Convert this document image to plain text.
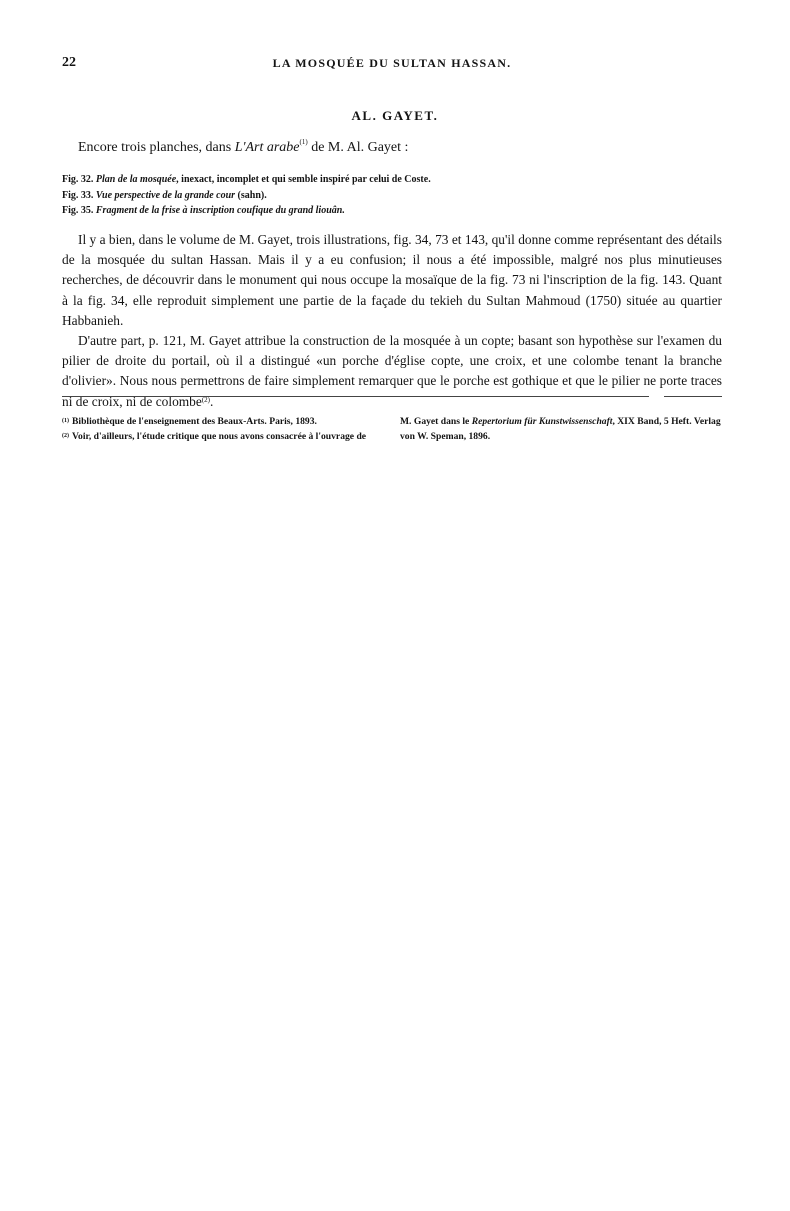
22	LA MOSQUÉE DU SULTAN HASSAN.
AL. GAYET.
Encore trois planches, dans L'Art arabe$^{(1)}$ de M. Al. Gayet :
Fig. 32. Plan de la mosquée, inexact, incomplet et qui semble inspiré par celui de Coste.
Fig. 33. Vue perspective de la grande cour (sahn).
Fig. 35. Fragment de la frise à inscription coufique du grand liouân.

Il y a bien, dans le volume de M. Gayet, trois illustrations, fig. 34, 73 et 143, qu'il donne comme représentant des détails de la mosquée du sultan Hassan. Mais il y a eu confusion; il nous a été impossible, malgré nos plus minutieuses recherches, de découvrir dans le monument qui nous occupe la mosaïque de la fig. 73 ni l'inscription de la fig. 143. Quant à la fig. 34, elle reproduit simplement une partie de la façade du tekieh du Sultan Mahmoud (1750) située au quartier Habbanieh.

D'autre part, p. 121, M. Gayet attribue la construction de la mosquée à un copte; basant son hypothèse sur l'examen du pilier de droite du portail, où il a distingué «un porche d'église copte, une croix, et une colombe tenant la branche d'olivier». Nous nous permettrons de faire simplement remarquer que le porche est gothique et que le pilier ne porte traces ni de croix, ni de colombe$^{(2)}$.

$^{(1)}$ Bibliothèque de l'enseignement des Beaux-Arts. Paris, 1893.
$^{(2)}$ Voir, d'ailleurs, l'étude critique que nous avons consacrée à l'ouvrage de
M. Gayet dans le Repertorium für Kunstwissenschaft, XIX Band, 5 Heft. Verlag von W. Speman, 1896.
